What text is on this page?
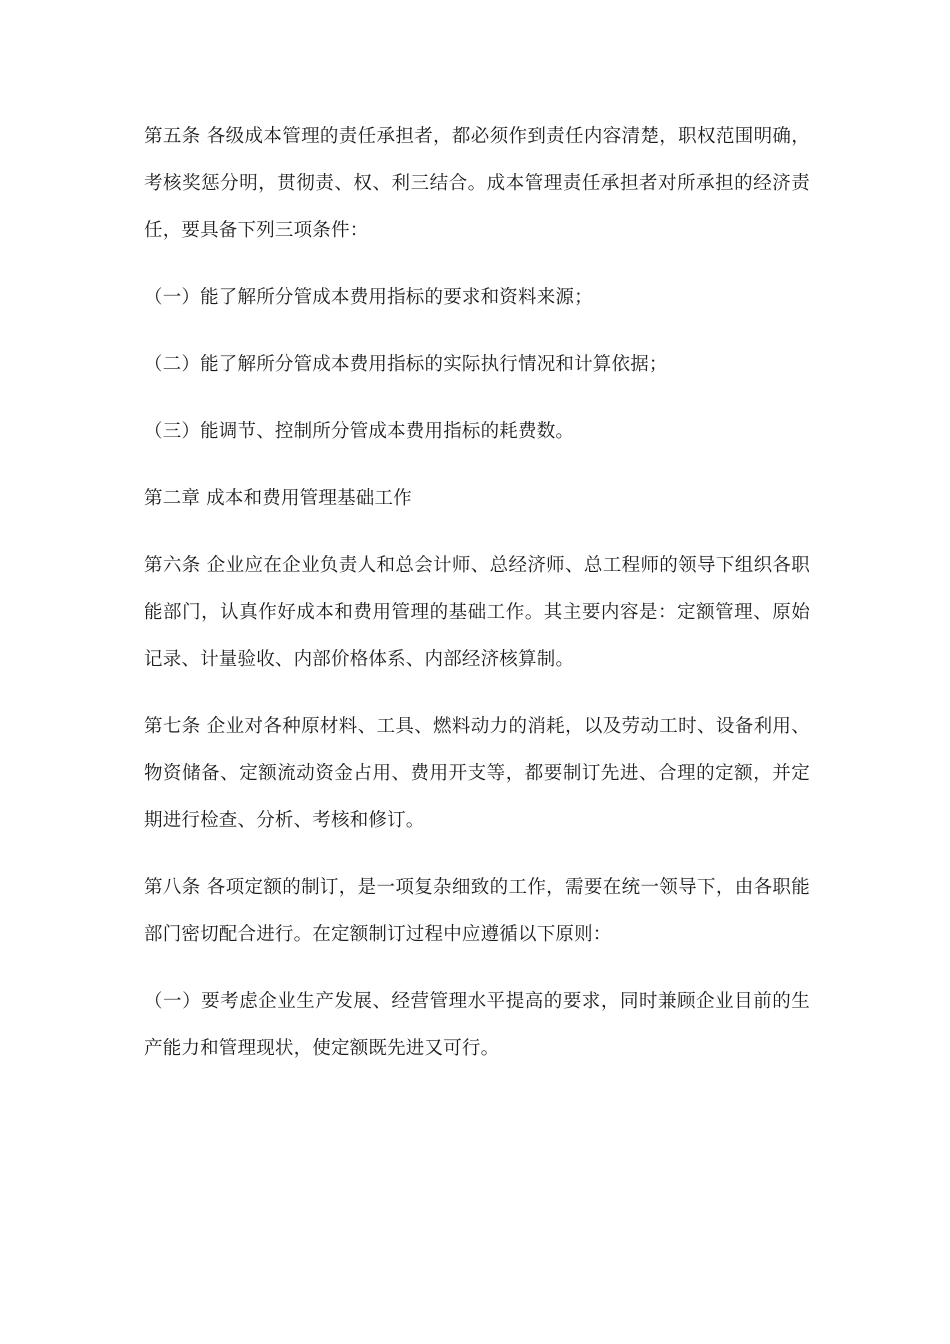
第五条 各级成本管理的责任承担者，都必须作到责任内容清楚，职权范围明确，考核奖惩分明，贯彻责、权、利三结合。成本管理责任承担者对所承担的经济责任，要具备下列三项条件：

（一）能了解所分管成本费用指标的要求和资料来源；

（二）能了解所分管成本费用指标的实际执行情况和计算依据；

（三）能调节、控制所分管成本费用指标的耗费数。

第二章 成本和费用管理基础工作

第六条 企业应在企业负责人和总会计师、总经济师、总工程师的领导下组织各职能部门，认真作好成本和费用管理的基础工作。其主要内容是：定额管理、原始记录、计量验收、内部价格体系、内部经济核算制。

第七条 企业对各种原材料、工具、燃料动力的消耗，以及劳动工时、设备利用、物资储备、定额流动资金占用、费用开支等，都要制订先进、合理的定额，并定期进行检查、分析、考核和修订。

第八条 各项定额的制订，是一项复杂细致的工作，需要在统一领导下，由各职能部门密切配合进行。在定额制订过程中应遵循以下原则：

（一）要考虑企业生产发展、经营管理水平提高的要求，同时兼顾企业目前的生产能力和管理现状，使定额既先进又可行。
